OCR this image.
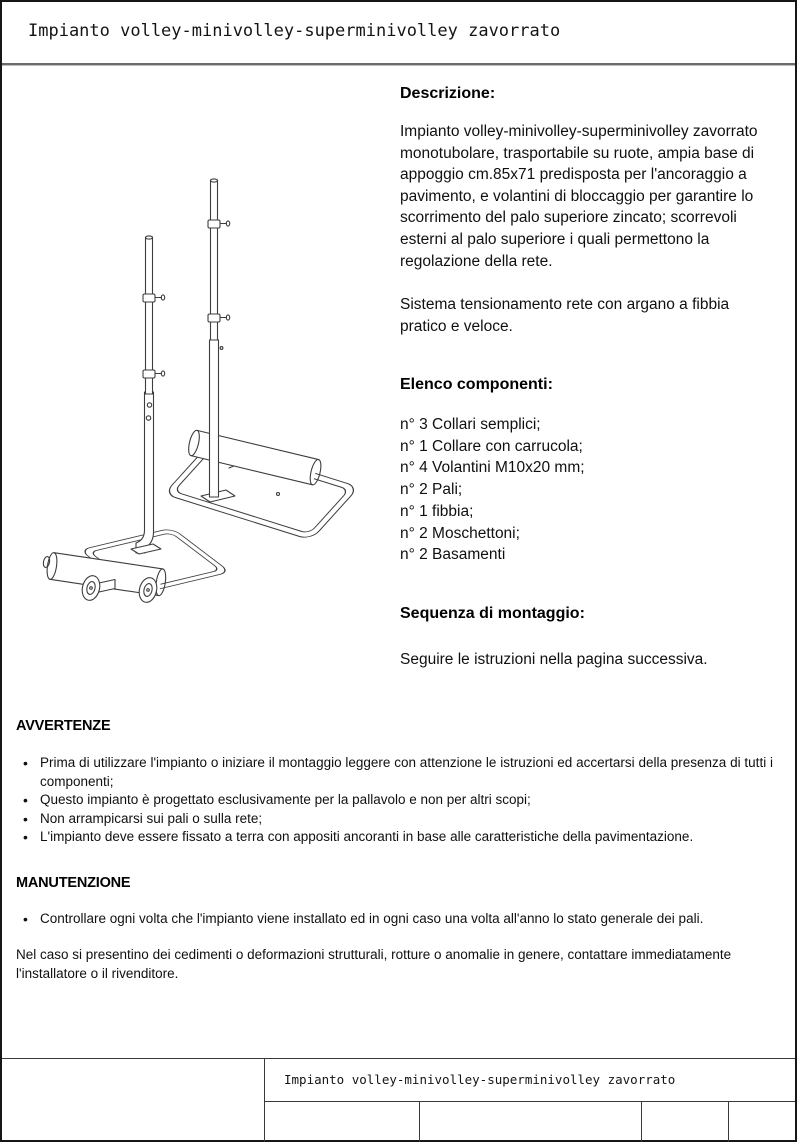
Impianto volley-minivolley-superminivolley zavorrato
Descrizione:
Impianto volley-minivolley-superminivolley zavorrato monotubolare, trasportabile su ruote, ampia base di appoggio cm.85x71 predisposta per l'ancoraggio a pavimento, e volantini di bloccaggio per garantire lo scorrimento del palo superiore zincato; scorrevoli esterni al palo superiore i quali permettono la regolazione della rete.
Sistema tensionamento rete con argano a fibbia pratico e veloce.
Elenco componenti:
n° 3 Collari semplici;
n° 1 Collare con carrucola;
n° 4 Volantini M10x20 mm;
n° 2 Pali;
n° 1 fibbia;
n° 2 Moschettoni;
n° 2 Basamenti
Sequenza di montaggio:
Seguire le istruzioni nella pagina successiva.
AVVERTENZE
• Prima di utilizzare l'impianto o iniziare il montaggio leggere con attenzione le istruzioni ed accertarsi della presenza di tutti i componenti;
• Questo impianto è progettato esclusivamente per la pallavolo e non per altri scopi;
• Non arrampicarsi sui pali o sulla rete;
• L'impianto deve essere fissato a terra con appositi ancoranti in base alle caratteristiche della pavimentazione.
MANUTENZIONE
• Controllare ogni volta che l'impianto viene installato ed in ogni caso una volta all'anno lo stato generale dei pali.
Nel caso si presentino dei cedimenti o deformazioni strutturali, rotture o anomalie in genere, contattare immediatamente l'installatore o il rivenditore.
Impianto volley-minivolley-superminivolley zavorrato
